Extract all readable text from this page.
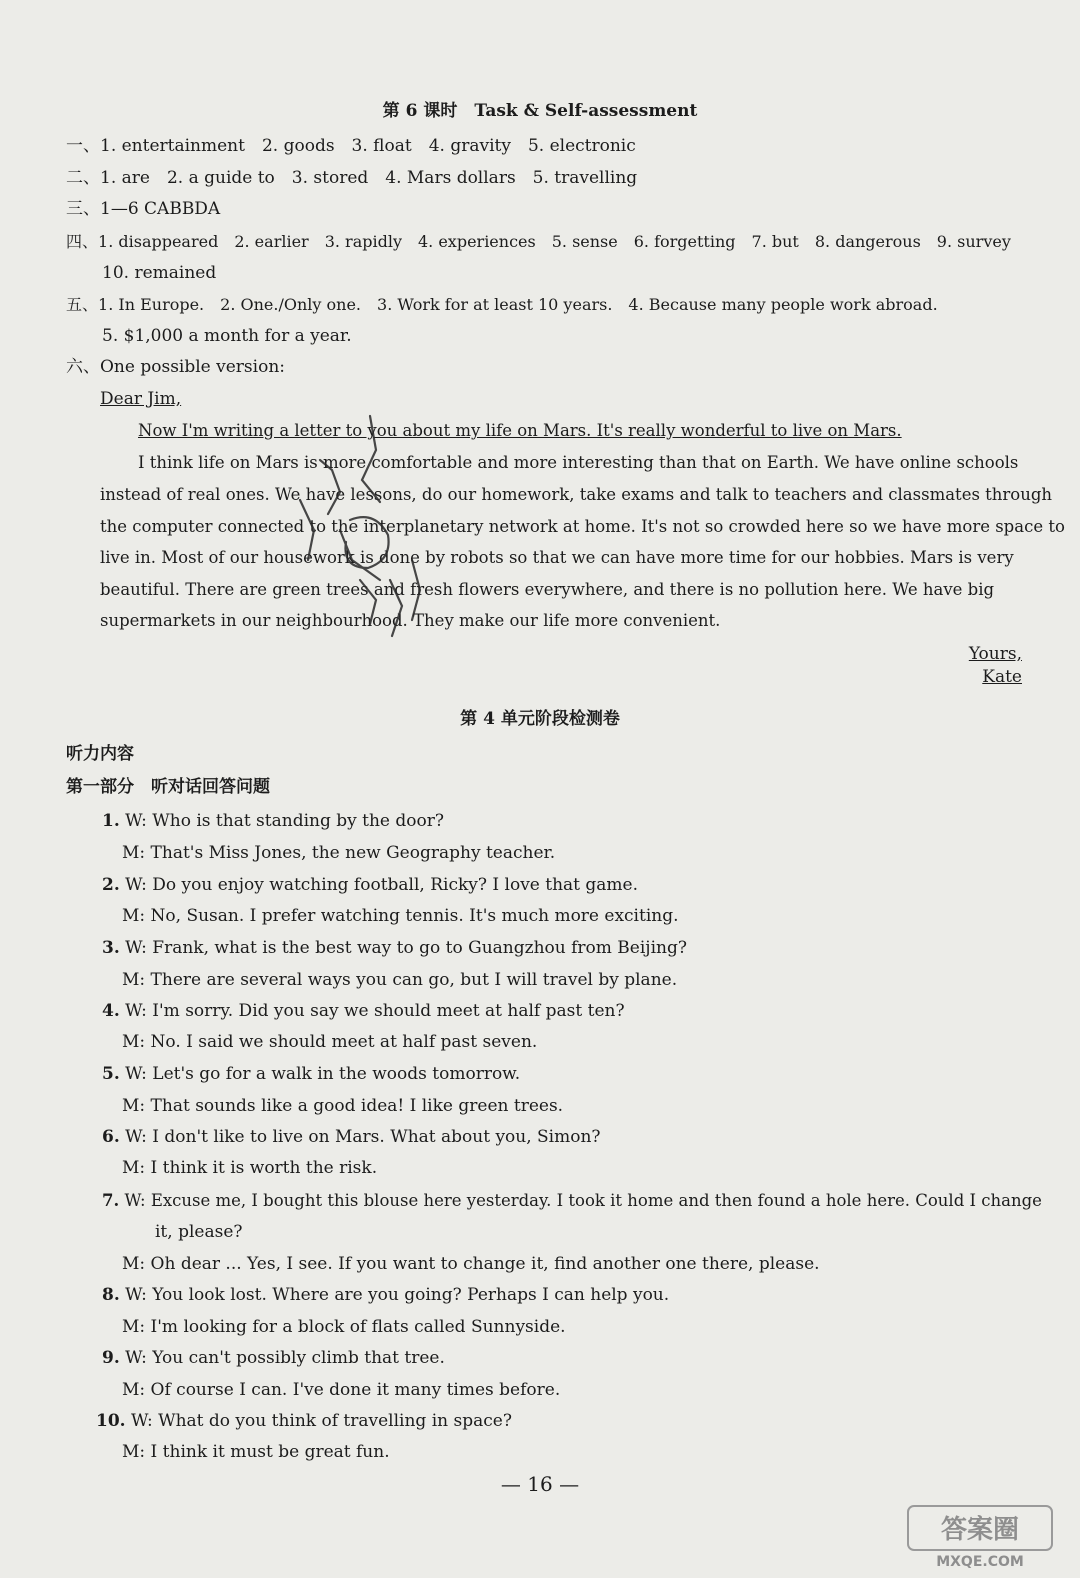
第 6 课时　Task & Self-assessment
一、1. entertainment　2. goods　3. float　4. gravity　5. electronic
二、1. are　2. a guide to　3. stored　4. Mars dollars　5. travelling
三、1—6 CABBDA
四、1. disappeared　2. earlier　3. rapidly　4. experiences　5. sense　6. forgetting　7. but　8. dangerous　9. survey
10. remained
五、1. In Europe.　2. One./Only one.　3. Work for at least 10 years.　4. Because many people work abroad.
5. $1,000 a month for a year.
六、One possible version:
Dear Jim,
Now I'm writing a letter to you about my life on Mars. It's really wonderful to live on Mars.
I think life on Mars is more comfortable and more interesting than that on Earth. We have online schools
instead of real ones. We have lessons, do our homework, take exams and talk to teachers and classmates through
the computer connected to the interplanetary network at home. It's not so crowded here so we have more space to
live in. Most of our housework is done by robots so that we can have more time for our hobbies. Mars is very
beautiful. There are green trees and fresh flowers everywhere, and there is no pollution here. We have big
supermarkets in our neighbourhood. They make our life more convenient.
Yours,
Kate
第 4 单元阶段检测卷
听力内容
第一部分　听对话回答问题
1. W: Who is that standing by the door?
M: That's Miss Jones, the new Geography teacher.
2. W: Do you enjoy watching football, Ricky? I love that game.
M: No, Susan. I prefer watching tennis. It's much more exciting.
3. W: Frank, what is the best way to go to Guangzhou from Beijing?
M: There are several ways you can go, but I will travel by plane.
4. W: I'm sorry. Did you say we should meet at half past ten?
M: No. I said we should meet at half past seven.
5. W: Let's go for a walk in the woods tomorrow.
M: That sounds like a good idea! I like green trees.
6. W: I don't like to live on Mars. What about you, Simon?
M: I think it is worth the risk.
7. W: Excuse me, I bought this blouse here yesterday. I took it home and then found a hole here. Could I change
it, please?
M: Oh dear ... Yes, I see. If you want to change it, find another one there, please.
8. W: You look lost. Where are you going? Perhaps I can help you.
M: I'm looking for a block of flats called Sunnyside.
9. W: You can't possibly climb that tree.
M: Of course I can. I've done it many times before.
10. W: What do you think of travelling in space?
M: I think it must be great fun.
— 16 —
答案圈
MXQE.COM
